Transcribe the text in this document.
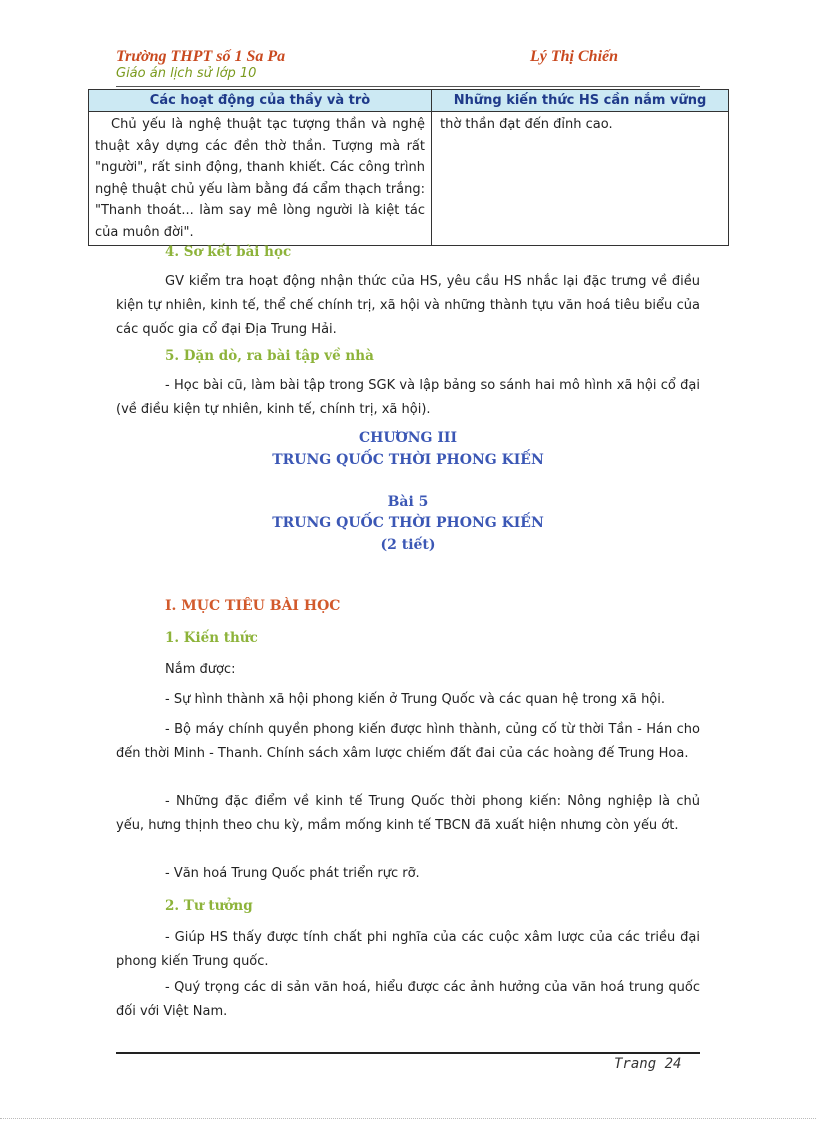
Trường THPT số 1 Sa Pa	Lý Thị Chiến
Giáo án lịch sử lớp 10
Các hoạt động của thầy và trò	Những kiến thức HS cần nắm vững
Chủ yếu là nghệ thuật tạc tượng thần và nghệ thuật xây dựng các đền thờ thần. Tượng mà rất "người", rất sinh động, thanh khiết. Các công trình nghệ thuật chủ yếu làm bằng đá cẩm thạch trắng: "Thanh thoát... làm say mê lòng người là kiệt tác của muôn đời".	thờ thần đạt đến đỉnh cao.
4. Sơ kết bài học

GV kiểm tra hoạt động nhận thức của HS, yêu cầu HS nhắc lại đặc trưng về điều kiện tự nhiên, kinh tế, thể chế chính trị, xã hội và những thành tựu văn hoá tiêu biểu của các quốc gia cổ đại Địa Trung Hải.

5. Dặn dò, ra bài tập về nhà

- Học bài cũ, làm bài tập trong SGK và lập bảng so sánh hai mô hình xã hội cổ đại (về điều kiện tự nhiên, kinh tế, chính trị, xã hội).

CHƯƠNG III
TRUNG QUỐC THỜI PHONG KIẾN
Bài 5
TRUNG QUỐC THỜI PHONG KIẾN
(2 tiết)
I. MỤC TIÊU BÀI HỌC
1. Kiến thức

Nắm được:

- Sự hình thành xã hội phong kiến ở Trung Quốc và các quan hệ trong xã hội.

- Bộ máy chính quyền phong kiến được hình thành, củng cố từ thời Tần - Hán cho đến thời Minh - Thanh. Chính sách xâm lược chiếm đất đai của các hoàng đế Trung Hoa.

- Những đặc điểm về kinh tế Trung Quốc thời phong kiến: Nông nghiệp là chủ yếu, hưng thịnh theo chu kỳ, mầm mống kinh tế TBCN đã xuất hiện nhưng còn yếu ớt.

- Văn hoá Trung Quốc phát triển rực rỡ.

2. Tư tưởng

- Giúp HS thấy được tính chất phi nghĩa của các cuộc xâm lược của các triều đại phong kiến Trung quốc.

- Quý trọng các di sản văn hoá, hiểu được các ảnh hưởng của văn hoá trung quốc đối với Việt Nam.

Trang 24
